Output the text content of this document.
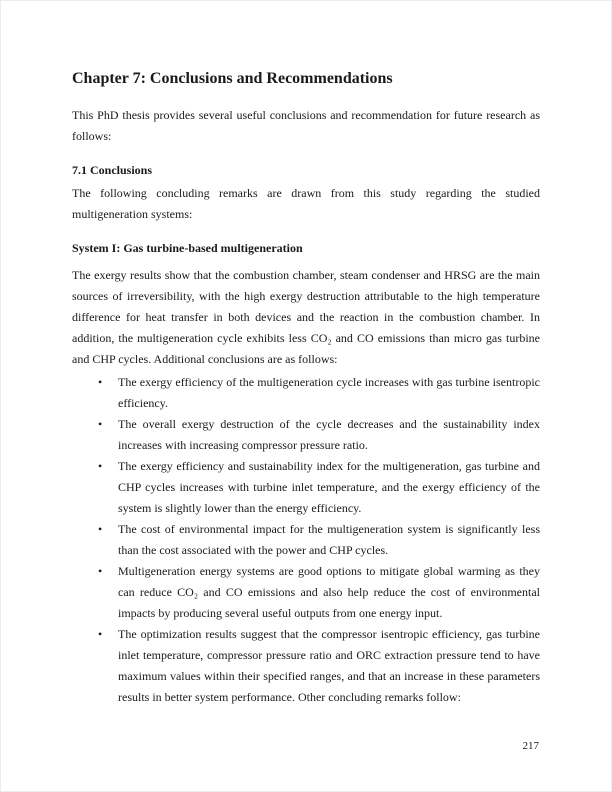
Chapter 7: Conclusions and Recommendations

This PhD thesis provides several useful conclusions and recommendation for future research as follows:

7.1 Conclusions

The following concluding remarks are drawn from this study regarding the studied multigeneration systems:

System I: Gas turbine-based multigeneration

The exergy results show that the combustion chamber, steam condenser and HRSG are the main sources of irreversibility, with the high exergy destruction attributable to the high temperature difference for heat transfer in both devices and the reaction in the combustion chamber. In addition, the multigeneration cycle exhibits less CO₂ and CO emissions than micro gas turbine and CHP cycles. Additional conclusions are as follows:

• The exergy efficiency of the multigeneration cycle increases with gas turbine isentropic efficiency.
• The overall exergy destruction of the cycle decreases and the sustainability index increases with increasing compressor pressure ratio.
• The exergy efficiency and sustainability index for the multigeneration, gas turbine and CHP cycles increases with turbine inlet temperature, and the exergy efficiency of the system is slightly lower than the energy efficiency.
• The cost of environmental impact for the multigeneration system is significantly less than the cost associated with the power and CHP cycles.
• Multigeneration energy systems are good options to mitigate global warming as they can reduce CO₂ and CO emissions and also help reduce the cost of environmental impacts by producing several useful outputs from one energy input.
• The optimization results suggest that the compressor isentropic efficiency, gas turbine inlet temperature, compressor pressure ratio and ORC extraction pressure tend to have maximum values within their specified ranges, and that an increase in these parameters results in better system performance. Other concluding remarks follow:
217
